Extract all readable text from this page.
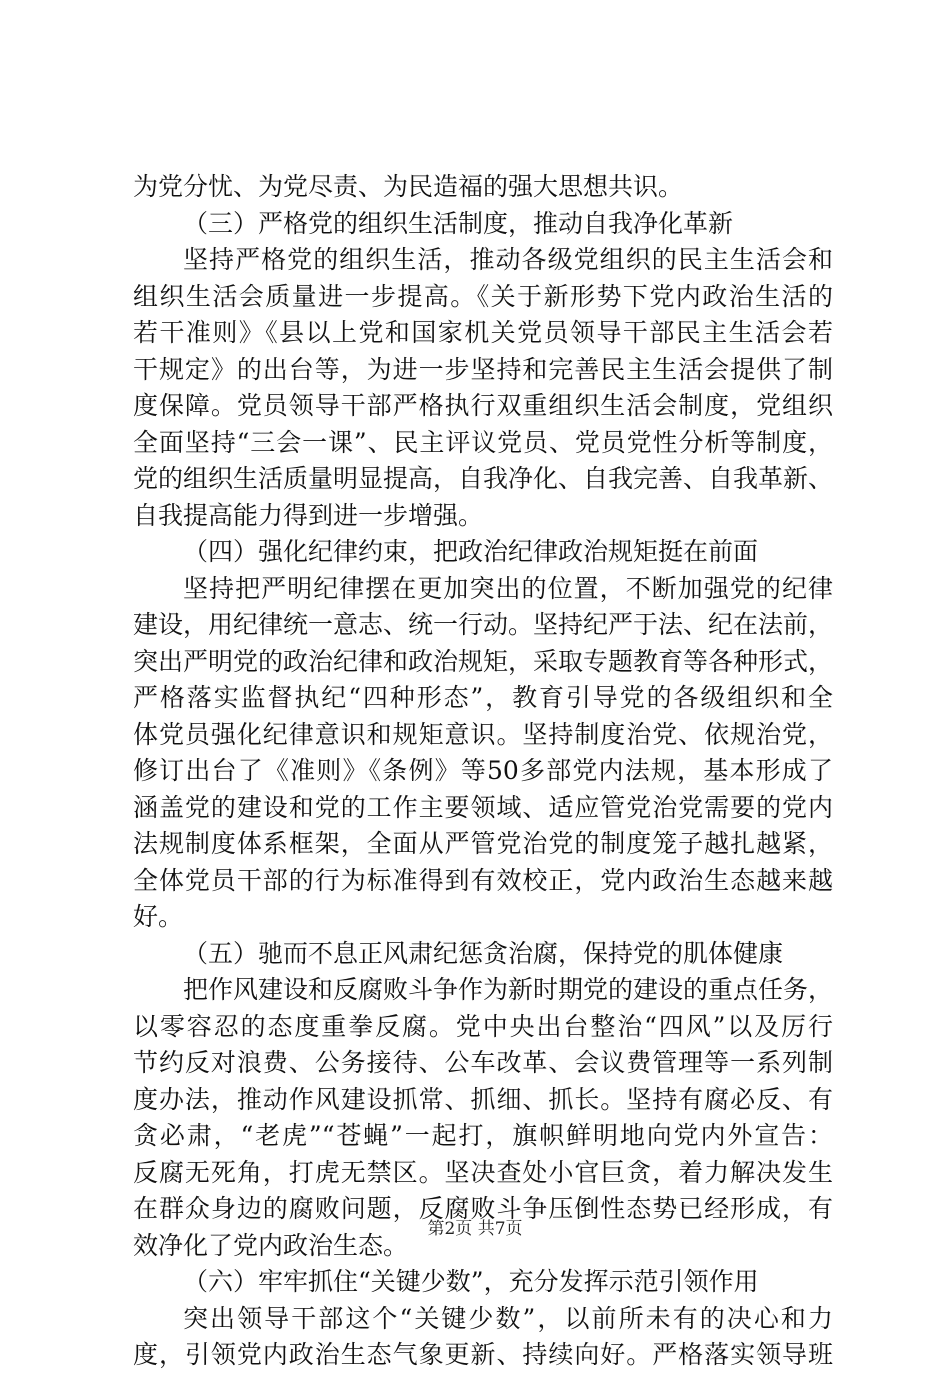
为党分忧、为党尽责、为民造福的强大思想共识。
（三）严格党的组织生活制度，推动自我净化革新
坚持严格党的组织生活，推动各级党组织的民主生活会和
组织生活会质量进一步提高。《关于新形势下党内政治生活的
若干准则》《县以上党和国家机关党员领导干部民主生活会若
干规定》的出台等，为进一步坚持和完善民主生活会提供了制
度保障。党员领导干部严格执行双重组织生活会制度，党组织
全面坚持“三会一课”、民主评议党员、党员党性分析等制度，
党的组织生活质量明显提高，自我净化、自我完善、自我革新、
自我提高能力得到进一步增强。
（四）强化纪律约束，把政治纪律政治规矩挺在前面
坚持把严明纪律摆在更加突出的位置，不断加强党的纪律
建设，用纪律统一意志、统一行动。坚持纪严于法、纪在法前，
突出严明党的政治纪律和政治规矩，采取专题教育等各种形式，
严格落实监督执纪“四种形态”，教育引导党的各级组织和全
体党员强化纪律意识和规矩意识。坚持制度治党、依规治党，
修订出台了《准则》《条例》等50多部党内法规，基本形成了
涵盖党的建设和党的工作主要领域、适应管党治党需要的党内
法规制度体系框架，全面从严管党治党的制度笼子越扎越紧，
全体党员干部的行为标准得到有效校正，党内政治生态越来越
好。
（五）驰而不息正风肃纪惩贪治腐，保持党的肌体健康
把作风建设和反腐败斗争作为新时期党的建设的重点任务，
以零容忍的态度重拳反腐。党中央出台整治“四风”以及厉行
节约反对浪费、公务接待、公车改革、会议费管理等一系列制
度办法，推动作风建设抓常、抓细、抓长。坚持有腐必反、有
贪必肃，“老虎”“苍蝇”一起打，旗帜鲜明地向党内外宣告：
反腐无死角，打虎无禁区。坚决查处小官巨贪，着力解决发生
在群众身边的腐败问题，反腐败斗争压倒性态势已经形成，有
效净化了党内政治生态。
（六）牢牢抓住“关键少数”，充分发挥示范引领作用
突出领导干部这个“关键少数”，以前所未有的决心和力
度，引领党内政治生态气象更新、持续向好。严格落实领导班
第2页 共7页
